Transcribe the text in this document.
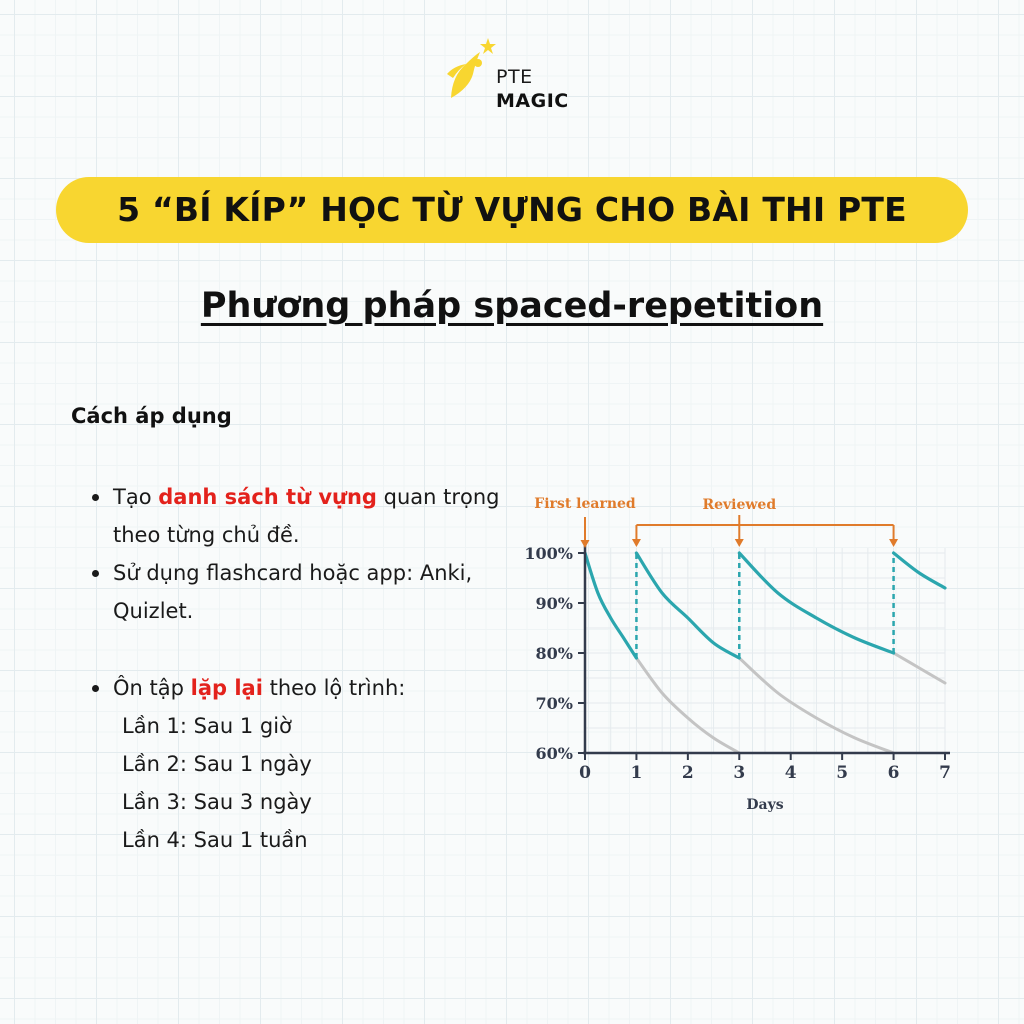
PTE
MAGIC
5 “BÍ KÍP” HỌC TỪ VỰNG CHO BÀI THI PTE
Phương pháp spaced-repetition
Cách áp dụng
Tạo danh sách từ vựng quan trọng theo từng chủ đề.
Sử dụng flashcard hoặc app: Anki, Quizlet.
Ôn tập lặp lại theo lộ trình:
Lần 1: Sau 1 giờ
Lần 2: Sau 1 ngày
Lần 3: Sau 3 ngày
Lần 4: Sau 1 tuần
0 1 2 3 4 5 6 7
60%
70%
80%
90%
100%
Days
First learned	Reviewed
